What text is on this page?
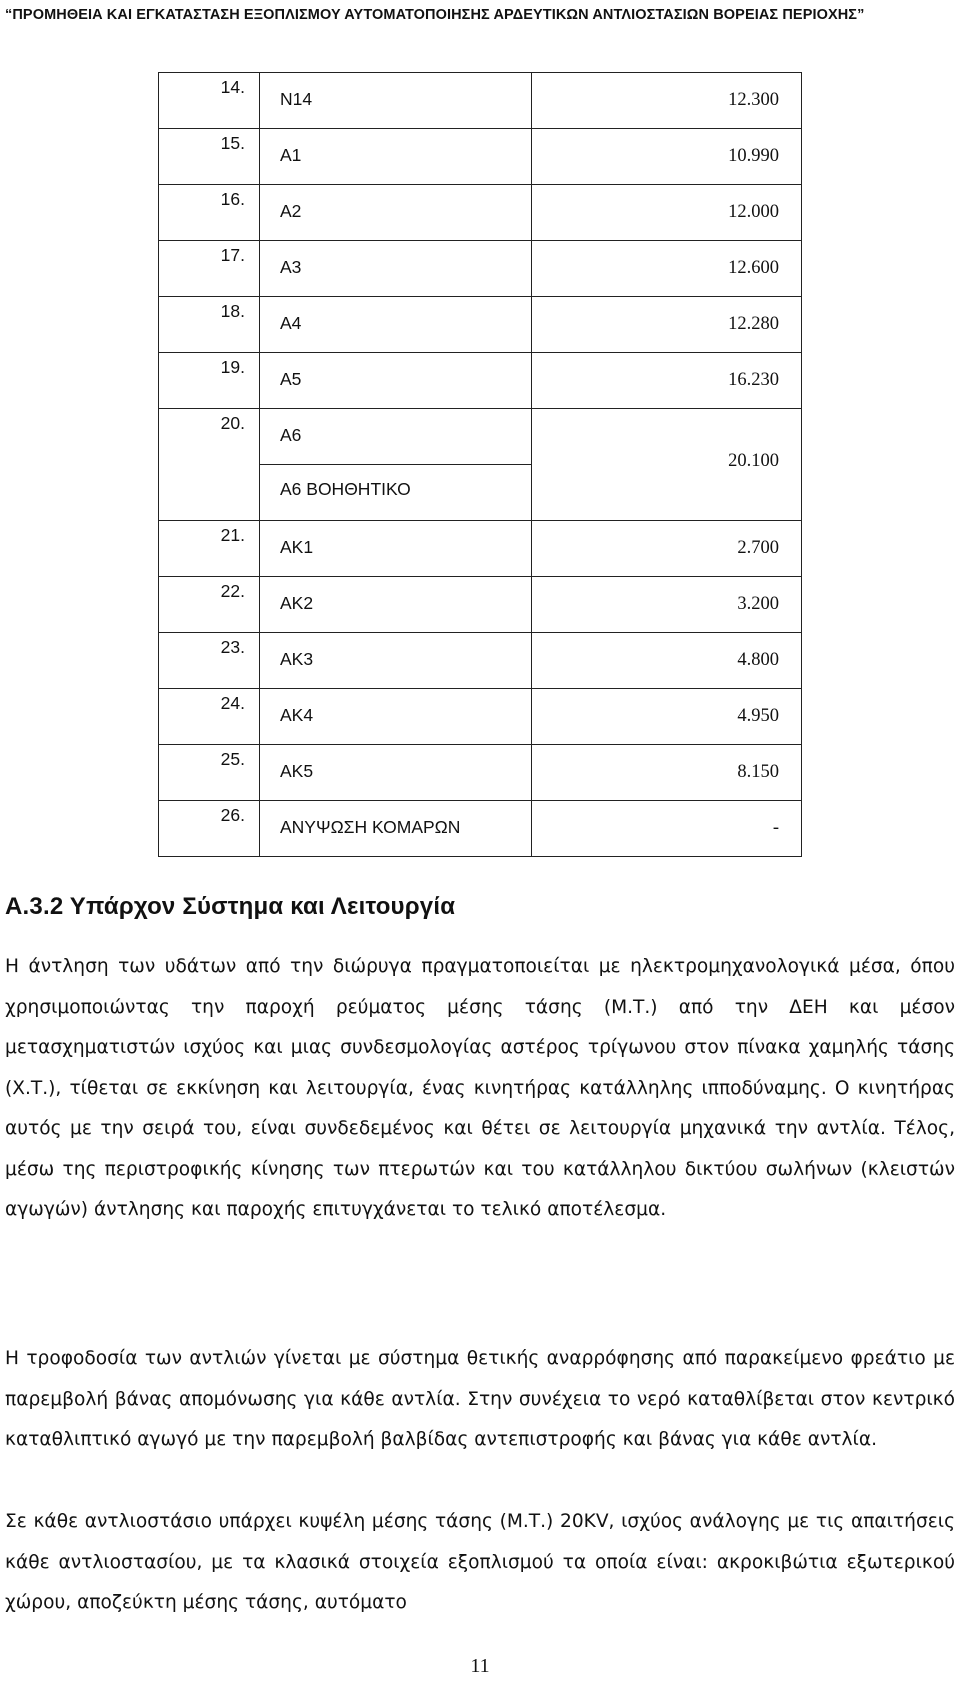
“ΠΡΟΜΗΘΕΙΑ ΚΑΙ ΕΓΚΑΤΑΣΤΑΣΗ ΕΞΟΠΛΙΣΜΟΥ ΑΥΤΟΜΑΤΟΠΟΙΗΣΗΣ ΑΡΔΕΥΤΙΚΩΝ ΑΝΤΛΙΟΣΤΑΣΙΩΝ ΒΟΡΕΙΑΣ ΠΕΡΙΟΧΗΣ”
14.	Ν14	12.300

15.	Α1	10.990

16.	Α2	12.000

17.	Α3	12.600

18.	Α4	12.280

19.	Α5	16.230

20.	Α6	20.100

	Α6 ΒΟΗΘΗΤΙΚΟ	

21.	ΑΚ1	2.700

22.	ΑΚ2	3.200

23.	ΑΚ3	4.800

24.	ΑΚ4	4.950

25.	ΑΚ5	8.150

26.	ΑΝΥΨΩΣΗ ΚΟΜΑΡΩΝ	-
Α.3.2 Υπάρχον Σύστημα και Λειτουργία

Η άντληση των υδάτων από την διώρυγα πραγματοποιείται με ηλεκτρομηχανολογικά μέσα, όπου χρησιμοποιώντας την παροχή ρεύματος μέσης τάσης (Μ.Τ.) από την ΔΕΗ και μέσον μετασχηματιστών ισχύος και μιας συνδεσμολογίας αστέρος τρίγωνου στον πίνακα χαμηλής τάσης (Χ.Τ.), τίθεται σε εκκίνηση και λειτουργία, ένας κινητήρας κατάλληλης ιπποδύναμης. Ο κινητήρας αυτός με την σειρά του, είναι συνδεδεμένος και θέτει σε λειτουργία μηχανικά την αντλία. Τέλος, μέσω της περιστροφικής κίνησης των πτερωτών και του κατάλληλου δικτύου σωλήνων (κλειστών αγωγών) άντλησης και παροχής επιτυγχάνεται το τελικό αποτέλεσμα.

Η τροφοδοσία των αντλιών γίνεται με σύστημα θετικής αναρρόφησης από παρακείμενο φρεάτιο με παρεμβολή βάνας απομόνωσης για κάθε αντλία. Στην συνέχεια το νερό καταθλίβεται στον κεντρικό καταθλιπτικό αγωγό με την παρεμβολή βαλβίδας αντεπιστροφής και βάνας για κάθε αντλία.

Σε κάθε αντλιοστάσιο υπάρχει κυψέλη μέσης τάσης (Μ.Τ.) 20KV, ισχύος ανάλογης με τις απαιτήσεις κάθε αντλιοστασίου, με τα κλασικά στοιχεία εξοπλισμού τα οποία είναι: ακροκιβώτια εξωτερικού χώρου, αποζεύκτη μέσης τάσης, αυτόματο

11
